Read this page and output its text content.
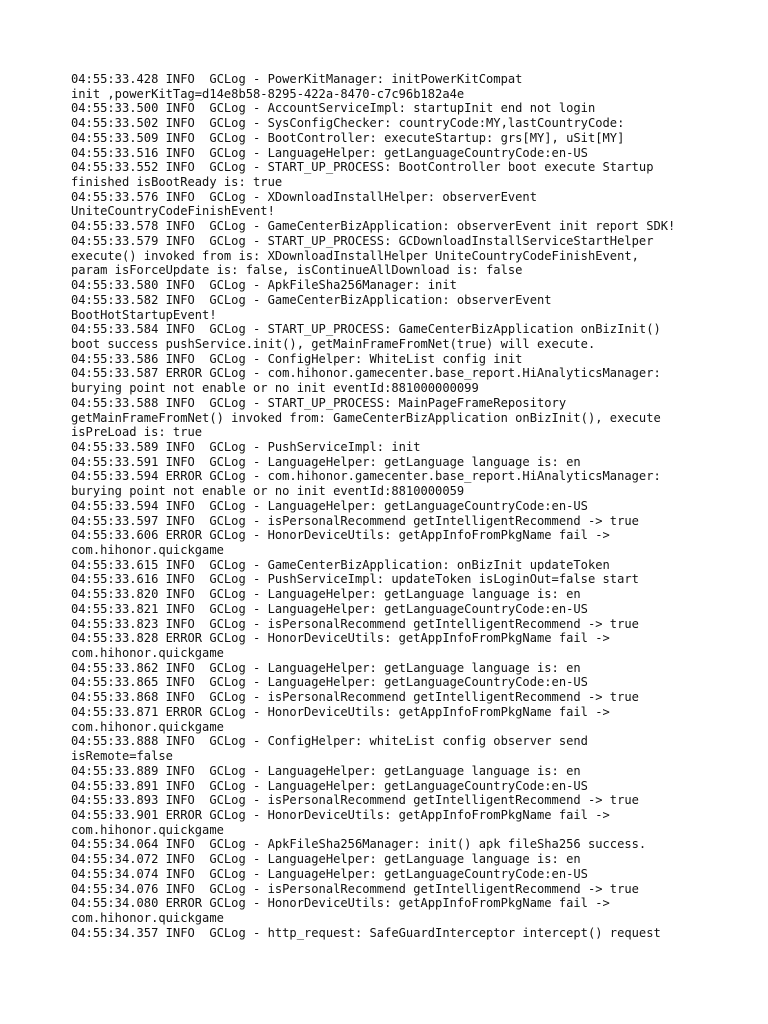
04:55:33.428 INFO  GCLog - PowerKitManager: initPowerKitCompat
init ,powerKitTag=d14e8b58-8295-422a-8470-c7c96b182a4e
04:55:33.500 INFO  GCLog - AccountServiceImpl: startupInit end not login
04:55:33.502 INFO  GCLog - SysConfigChecker: countryCode:MY,lastCountryCode:
04:55:33.509 INFO  GCLog - BootController: executeStartup: grs[MY], uSit[MY]
04:55:33.516 INFO  GCLog - LanguageHelper: getLanguageCountryCode:en-US
04:55:33.552 INFO  GCLog - START_UP_PROCESS: BootController boot execute Startup
finished isBootReady is: true
04:55:33.576 INFO  GCLog - XDownloadInstallHelper: observerEvent
UniteCountryCodeFinishEvent!
04:55:33.578 INFO  GCLog - GameCenterBizApplication: observerEvent init report SDK!
04:55:33.579 INFO  GCLog - START_UP_PROCESS: GCDownloadInstallServiceStartHelper
execute() invoked from is: XDownloadInstallHelper UniteCountryCodeFinishEvent,
param isForceUpdate is: false, isContinueAllDownload is: false
04:55:33.580 INFO  GCLog - ApkFileSha256Manager: init
04:55:33.582 INFO  GCLog - GameCenterBizApplication: observerEvent
BootHotStartupEvent!
04:55:33.584 INFO  GCLog - START_UP_PROCESS: GameCenterBizApplication onBizInit()
boot success pushService.init(), getMainFrameFromNet(true) will execute.
04:55:33.586 INFO  GCLog - ConfigHelper: WhiteList config init
04:55:33.587 ERROR GCLog - com.hihonor.gamecenter.base_report.HiAnalyticsManager:
burying point not enable or no init eventId:881000000099
04:55:33.588 INFO  GCLog - START_UP_PROCESS: MainPageFrameRepository
getMainFrameFromNet() invoked from: GameCenterBizApplication onBizInit(), execute
isPreLoad is: true
04:55:33.589 INFO  GCLog - PushServiceImpl: init
04:55:33.591 INFO  GCLog - LanguageHelper: getLanguage language is: en
04:55:33.594 ERROR GCLog - com.hihonor.gamecenter.base_report.HiAnalyticsManager:
burying point not enable or no init eventId:8810000059
04:55:33.594 INFO  GCLog - LanguageHelper: getLanguageCountryCode:en-US
04:55:33.597 INFO  GCLog - isPersonalRecommend getIntelligentRecommend -> true
04:55:33.606 ERROR GCLog - HonorDeviceUtils: getAppInfoFromPkgName fail ->
com.hihonor.quickgame
04:55:33.615 INFO  GCLog - GameCenterBizApplication: onBizInit updateToken
04:55:33.616 INFO  GCLog - PushServiceImpl: updateToken isLoginOut=false start
04:55:33.820 INFO  GCLog - LanguageHelper: getLanguage language is: en
04:55:33.821 INFO  GCLog - LanguageHelper: getLanguageCountryCode:en-US
04:55:33.823 INFO  GCLog - isPersonalRecommend getIntelligentRecommend -> true
04:55:33.828 ERROR GCLog - HonorDeviceUtils: getAppInfoFromPkgName fail ->
com.hihonor.quickgame
04:55:33.862 INFO  GCLog - LanguageHelper: getLanguage language is: en
04:55:33.865 INFO  GCLog - LanguageHelper: getLanguageCountryCode:en-US
04:55:33.868 INFO  GCLog - isPersonalRecommend getIntelligentRecommend -> true
04:55:33.871 ERROR GCLog - HonorDeviceUtils: getAppInfoFromPkgName fail ->
com.hihonor.quickgame
04:55:33.888 INFO  GCLog - ConfigHelper: whiteList config observer send
isRemote=false
04:55:33.889 INFO  GCLog - LanguageHelper: getLanguage language is: en
04:55:33.891 INFO  GCLog - LanguageHelper: getLanguageCountryCode:en-US
04:55:33.893 INFO  GCLog - isPersonalRecommend getIntelligentRecommend -> true
04:55:33.901 ERROR GCLog - HonorDeviceUtils: getAppInfoFromPkgName fail ->
com.hihonor.quickgame
04:55:34.064 INFO  GCLog - ApkFileSha256Manager: init() apk fileSha256 success.
04:55:34.072 INFO  GCLog - LanguageHelper: getLanguage language is: en
04:55:34.074 INFO  GCLog - LanguageHelper: getLanguageCountryCode:en-US
04:55:34.076 INFO  GCLog - isPersonalRecommend getIntelligentRecommend -> true
04:55:34.080 ERROR GCLog - HonorDeviceUtils: getAppInfoFromPkgName fail ->
com.hihonor.quickgame
04:55:34.357 INFO  GCLog - http_request: SafeGuardInterceptor intercept() request
